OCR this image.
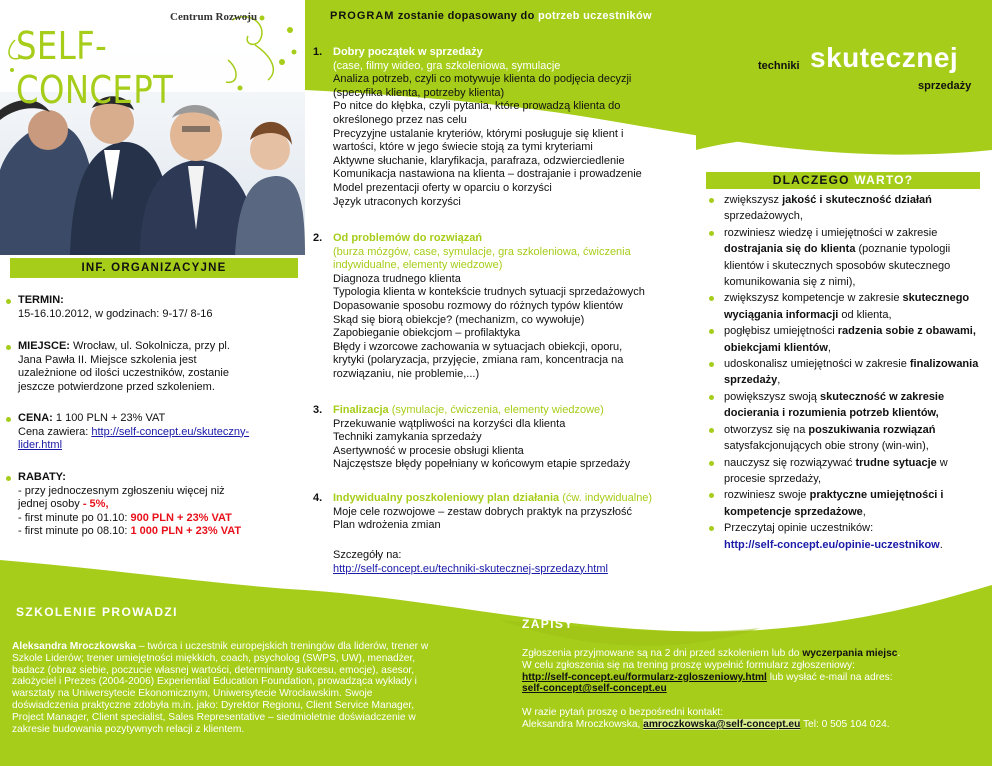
PROGRAM zostanie dopasowany do potrzeb uczestników
techniki skutecznej
sprzedaży
Centrum Rozwoju
SELF-CONCEPT
INF. ORGANIZACYJNE
TERMIN:
15-16.10.2012, w godzinach: 9-17/ 8-16
MIEJSCE: Wrocław, ul. Sokolnicza, przy pl.
Jana Pawła II. Miejsce szkolenia jest
uzależnione od ilości uczestników, zostanie
jeszcze potwierdzone przed szkoleniem.
CENA: 1 100 PLN + 23% VAT
Cena zawiera: http://self-concept.eu/skuteczny-
lider.html
RABATY:
- przy jednoczesnym zgłoszeniu więcej niż
jednej osoby - 5%,
- first minute po 01.10: 900 PLN + 23% VAT
- first minute po 08.10: 1 000 PLN + 23% VAT
1. Dobry początek w sprzedaży
(case, filmy wideo, gra szkoleniowa, symulacje
Analiza potrzeb, czyli co motywuje klienta do podjęcia decyzji
(specyfika klienta, potrzeby klienta)
Po nitce do kłębka, czyli pytania, które prowadzą klienta do
określonego przez nas celu
Precyzyjne ustalanie kryteriów, którymi posługuje się klient i
wartości, które w jego świecie stoją za tymi kryteriami
Aktywne słuchanie, klaryfikacja, parafraza, odzwierciedlenie
Komunikacja nastawiona na klienta – dostrajanie i prowadzenie
Model prezentacji oferty w oparciu o korzyści
Język utraconych korzyści
2. Od problemów do rozwiązań
(burza mózgów, case, symulacje, gra szkoleniowa, ćwiczenia
indywidualne, elementy wiedzowe)
Diagnoza trudnego klienta
Typologia klienta w kontekście trudnych sytuacji sprzedażowych
Dopasowanie sposobu rozmowy do różnych typów klientów
Skąd się biorą obiekcje? (mechanizm, co wywołuje)
Zapobieganie obiekcjom – profilaktyka
Błędy i wzorcowe zachowania w sytuacjach obiekcji, oporu,
krytyki (polaryzacja, przyjęcie, zmiana ram, koncentracja na
rozwiązaniu, nie problemie,...)
3. Finalizacja (symulacje, ćwiczenia, elementy wiedzowe)
Przekuwanie wątpliwości na korzyści dla klienta
Techniki zamykania sprzedaży
Asertywność w procesie obsługi klienta
Najczęstsze błędy popełniany w końcowym etapie sprzedaży
4. Indywidualny poszkoleniowy plan działania (ćw. indywidualne)
Moje cele rozwojowe – zestaw dobrych praktyk na przyszłość
Plan wdrożenia zmian
Szczegóły na:
http://self-concept.eu/techniki-skutecznej-sprzedazy.html
DLACZEGO WARTO?
zwiększysz jakość i skuteczność działań sprzedażowych,
rozwiniesz wiedzę i umiejętności w zakresie dostrajania się do klienta (poznanie typologii klientów i skutecznych sposobów skutecznego komunikowania się z nimi),
zwiększysz kompetencje w zakresie skutecznego wyciągania informacji od klienta,
pogłębisz umiejętności radzenia sobie z obawami, obiekcjami klientów,
udoskonalisz umiejętności w zakresie finalizowania sprzedaży,
powiększysz swoją skuteczność w zakresie docierania i rozumienia potrzeb klientów,
otworzysz się na poszukiwania rozwiązań satysfakcjonujących obie strony (win-win),
nauczysz się rozwiązywać trudne sytuacje w procesie sprzedaży,
rozwiniesz swoje praktyczne umiejętności i kompetencje sprzedażowe,
Przeczytaj opinie uczestników:
http://self-concept.eu/opinie-uczestnikow.
SZKOLENIE PROWADZI
Aleksandra Mroczkowska – twórca i uczestnik europejskich treningów dla liderów, trener w
Szkole Liderów; trener umiejętności miękkich, coach, psycholog (SWPS, UW), menadżer,
badacz (obraz siebie, poczucie własnej wartości, determinanty sukcesu, emocje), asesor,
założyciel i Prezes (2004-2006) Experiential Education Foundation, prowadząca wykłady i
warsztaty na Uniwersytecie Ekonomicznym, Uniwersytecie Wrocławskim. Swoje
doświadczenia praktyczne zdobyła m.in. jako: Dyrektor Regionu, Client Service Manager,
Project Manager, Client specialist, Sales Representative – siedmioletnie doświadczenie w
zakresie budowania pozytywnych relacji z klientem.
ZAPISY
Zgłoszenia przyjmowane są na 2 dni przed szkoleniem lub do wyczerpania miejsc.
W celu zgłoszenia się na trening proszę wypełnić formularz zgłoszeniowy:
http://self-concept.eu/formularz-zgloszeniowy.html lub wysłać e-mail na adres:
self-concept@self-concept.eu
W razie pytań proszę o bezpośredni kontakt:
Aleksandra Mroczkowska, amroczkowska@self-concept.eu Tel: 0 505 104 024.
